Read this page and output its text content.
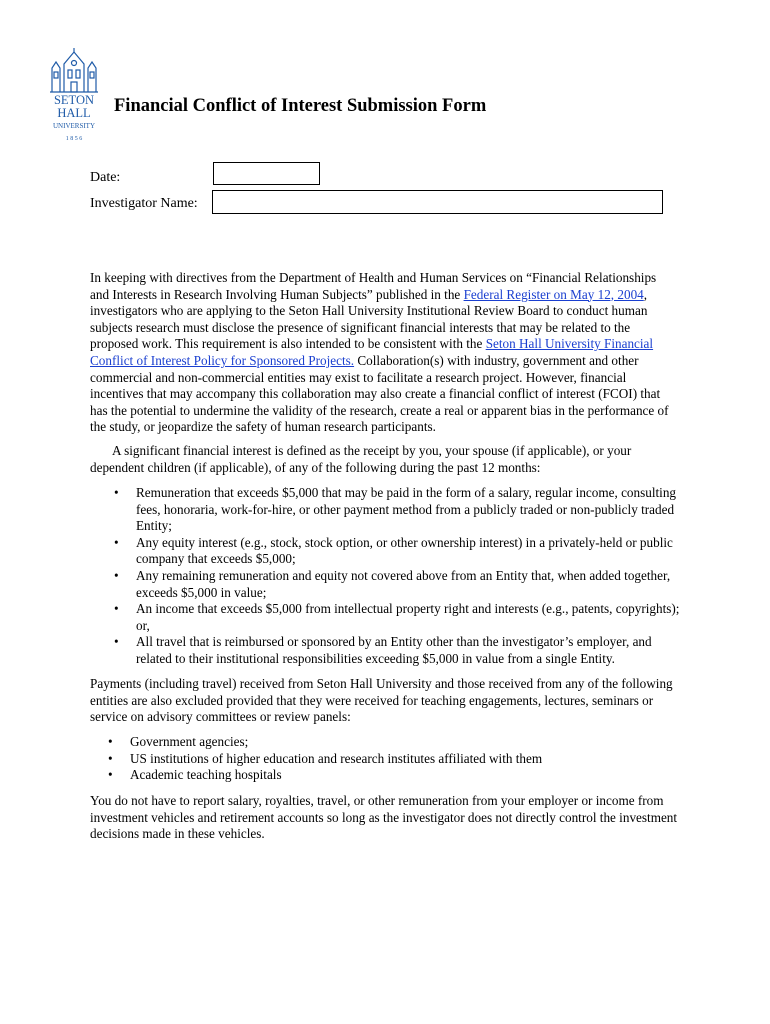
SETON
HALL
UNIVERSITY
1 8 5 6
Financial Conflict of Interest Submission Form
Date:
Investigator Name:

In keeping with directives from the Department of Health and Human Services on “Financial Relationships and Interests in Research Involving Human Subjects” published in the Federal Register on May 12, 2004, investigators who are applying to the Seton Hall University Institutional Review Board to conduct human subjects research must disclose the presence of significant financial interests that may be related to the proposed work. This requirement is also intended to be consistent with the Seton Hall University Financial Conflict of Interest Policy for Sponsored Projects. Collaboration(s) with industry, government and other commercial and non-commercial entities may exist to facilitate a research project. However, financial incentives that may accompany this collaboration may also create a financial conflict of interest (FCOI) that has the potential to undermine the validity of the research, create a real or apparent bias in the performance of the study, or jeopardize the safety of human research participants.

A significant financial interest is defined as the receipt by you, your spouse (if applicable), or your dependent children (if applicable), of any of the following during the past 12 months:

• Remuneration that exceeds $5,000 that may be paid in the form of a salary, regular income, consulting fees, honoraria, work-for-hire, or other payment method from a publicly traded or non-publicly traded Entity;
• Any equity interest (e.g., stock, stock option, or other ownership interest) in a privately-held or public company that exceeds $5,000;
• Any remaining remuneration and equity not covered above from an Entity that, when added together, exceeds $5,000 in value;
• An income that exceeds $5,000 from intellectual property right and interests (e.g., patents, copyrights); or,
• All travel that is reimbursed or sponsored by an Entity other than the investigator’s employer, and related to their institutional responsibilities exceeding $5,000 in value from a single Entity.

Payments (including travel) received from Seton Hall University and those received from any of the following entities are also excluded provided that they were received for teaching engagements, lectures, seminars or service on advisory committees or review panels:

• Government agencies;
• US institutions of higher education and research institutes affiliated with them
• Academic teaching hospitals

You do not have to report salary, royalties, travel, or other remuneration from your employer or income from investment vehicles and retirement accounts so long as the investigator does not directly control the investment decisions made in these vehicles.
